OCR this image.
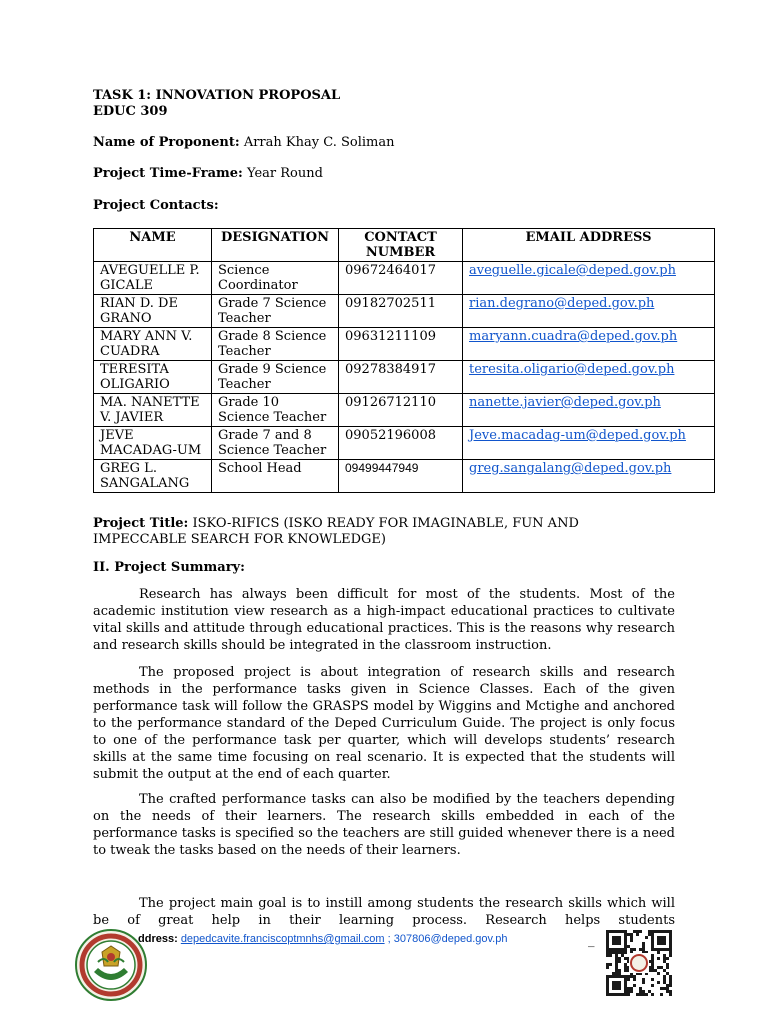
TASK 1: INNOVATION PROPOSAL
EDUC 309
Name of Proponent: Arrah Khay C. Soliman
Project Time-Frame: Year Round
Project Contacts:
NAME	DESIGNATION	CONTACT NUMBER	EMAIL ADDRESS
AVEGUELLE P. GICALE	Science Coordinator	09672464017	aveguelle.gicale@deped.gov.ph
RIAN D. DE GRANO	Grade 7 Science Teacher	09182702511	rian.degrano@deped.gov.ph
MARY ANN V. CUADRA	Grade 8 Science Teacher	09631211109	maryann.cuadra@deped.gov.ph
TERESITA OLIGARIO	Grade 9 Science Teacher	09278384917	teresita.oligario@deped.gov.ph
MA. NANETTE V. JAVIER	Grade 10 Science Teacher	09126712110	nanette.javier@deped.gov.ph
JEVE MACADAG-UM	Grade 7 and 8 Science Teacher	09052196008	Jeve.macadag-um@deped.gov.ph
GREG L. SANGALANG	School Head	09499447949	greg.sangalang@deped.gov.ph
Project Title: ISKO-RIFICS (ISKO READY FOR IMAGINABLE, FUN AND IMPECCABLE SEARCH FOR KNOWLEDGE)
II. Project Summary:
Research has always been difficult for most of the students. Most of the academic institution view research as a high-impact educational practices to cultivate vital skills and attitude through educational practices. This is the reasons why research and research skills should be integrated in the classroom instruction.
The proposed project is about integration of research skills and research methods in the performance tasks given in Science Classes. Each of the given performance task will follow the GRASPS model by Wiggins and Mctighe and anchored to the performance standard of the Deped Curriculum Guide. The project is only focus to one of the performance task per quarter, which will develops students’ research skills at the same time focusing on real scenario. It is expected that the students will submit the output at the end of each quarter.
The crafted performance tasks can also be modified by the teachers depending on the needs of their learners. The research skills embedded in each of the performance tasks is specified so the teachers are still guided whenever there is a need to tweak the tasks based on the needs of their learners.
The project main goal is to instill among students the research skills which will be of great help in their learning process. Research helps students
ddress: depedcavite.franciscoptmnhs@gmail.com ; 307806@deped.gov.ph	_
